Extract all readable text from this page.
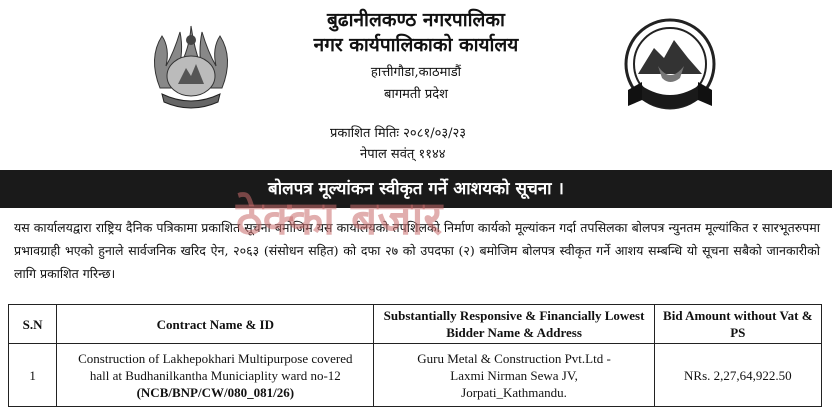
बुढानीलकण्ठ नगरपालिका
नगर कार्यपालिकाको कार्यालय
हात्तीगौडा,काठमाडौं
बागमती प्रदेश
प्रकाशित मितिः २०८१/०३/२३
नेपाल सवंत् ११४४
बोलपत्र मूल्यांकन स्वीकृत गर्ने आशयको सूचना ।
यस कार्यालयद्वारा राष्ट्रिय दैनिक पत्रिकामा प्रकाशित सूचना बमोजिम यस कार्यालयको तपशिलको निर्माण कार्यको मूल्यांकन गर्दा तपसिलका बोलपत्र न्युनतम मूल्यांकित र सारभूतरुपमा प्रभावग्राही भएको हुनाले सार्वजनिक खरिद ऐन, २०६३ (संसोधन सहित) को दफा २७ को उपदफा (२) बमोजिम बोलपत्र स्वीकृत गर्ने आशय सम्बन्धि यो सूचना सबैको जानकारीको लागि प्रकाशित गरिन्छ।
ठेक्का बजार
S.N	Contract Name & ID	Substantially Responsive & Financially Lowest Bidder Name & Address	Bid Amount without Vat & PS
1	Construction of Lakhepokhari Multipurpose covered
hall at Budhanilkantha Municiaplity ward no-12
(NCB/BNP/CW/080_081/26)	Guru Metal & Construction Pvt.Ltd -
Laxmi Nirman Sewa JV,
Jorpati_Kathmandu.	NRs. 2,27,64,922.50
